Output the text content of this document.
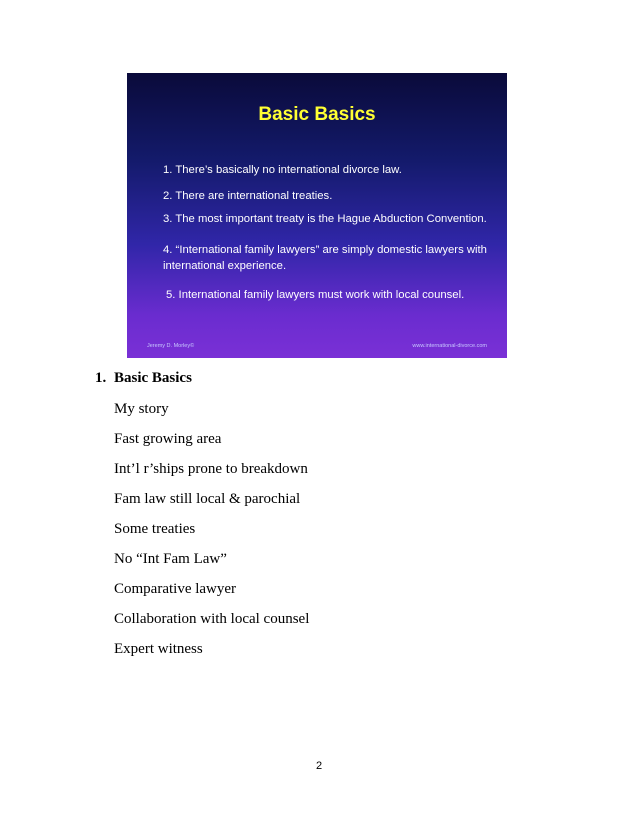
Basic Basics

1. There’s basically no international divorce law.

2. There are international treaties.

3. The most important treaty is the Hague Abduction Convention.

4. “International family lawyers” are simply domestic lawyers with international experience.

5. International family lawyers must work with local counsel.

Jeremy D. Morley©	www.international-divorce.com

1. Basic Basics
My story
Fast growing area
Int’l r’ships prone to breakdown
Fam law still local & parochial
Some treaties
No “Int Fam Law”
Comparative lawyer
Collaboration with local counsel
Expert witness

2
